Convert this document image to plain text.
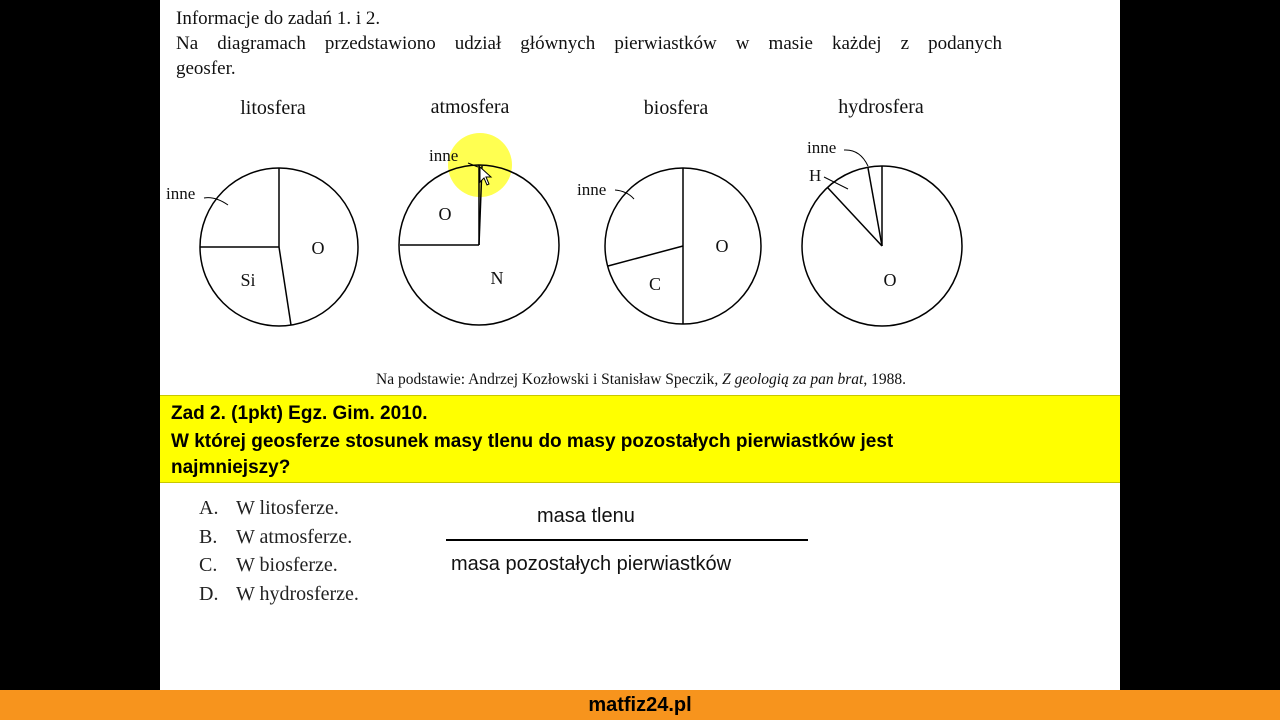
Informacje do zadań 1. i 2.
Na diagramach przedstawiono udział głównych pierwiastków w masie każdej z podanych
geosfer.
litosfera
inne
O
Si
atmosfera
inne
O
N
biosfera
inne
O
C
hydrosfera
inne
H
O
Na podstawie: Andrzej Kozłowski i Stanisław Speczik, Z geologią za pan brat, 1988.
Zad 2. (1pkt) Egz. Gim. 2010.
W której geosferze stosunek masy tlenu do masy pozostałych pierwiastków jest najmniejszy?
A. W litosferze.
B. W atmosferze.
C. W biosferze.
D. W hydrosferze.
masa tlenu
masa pozostałych pierwiastków
matfiz24.pl
